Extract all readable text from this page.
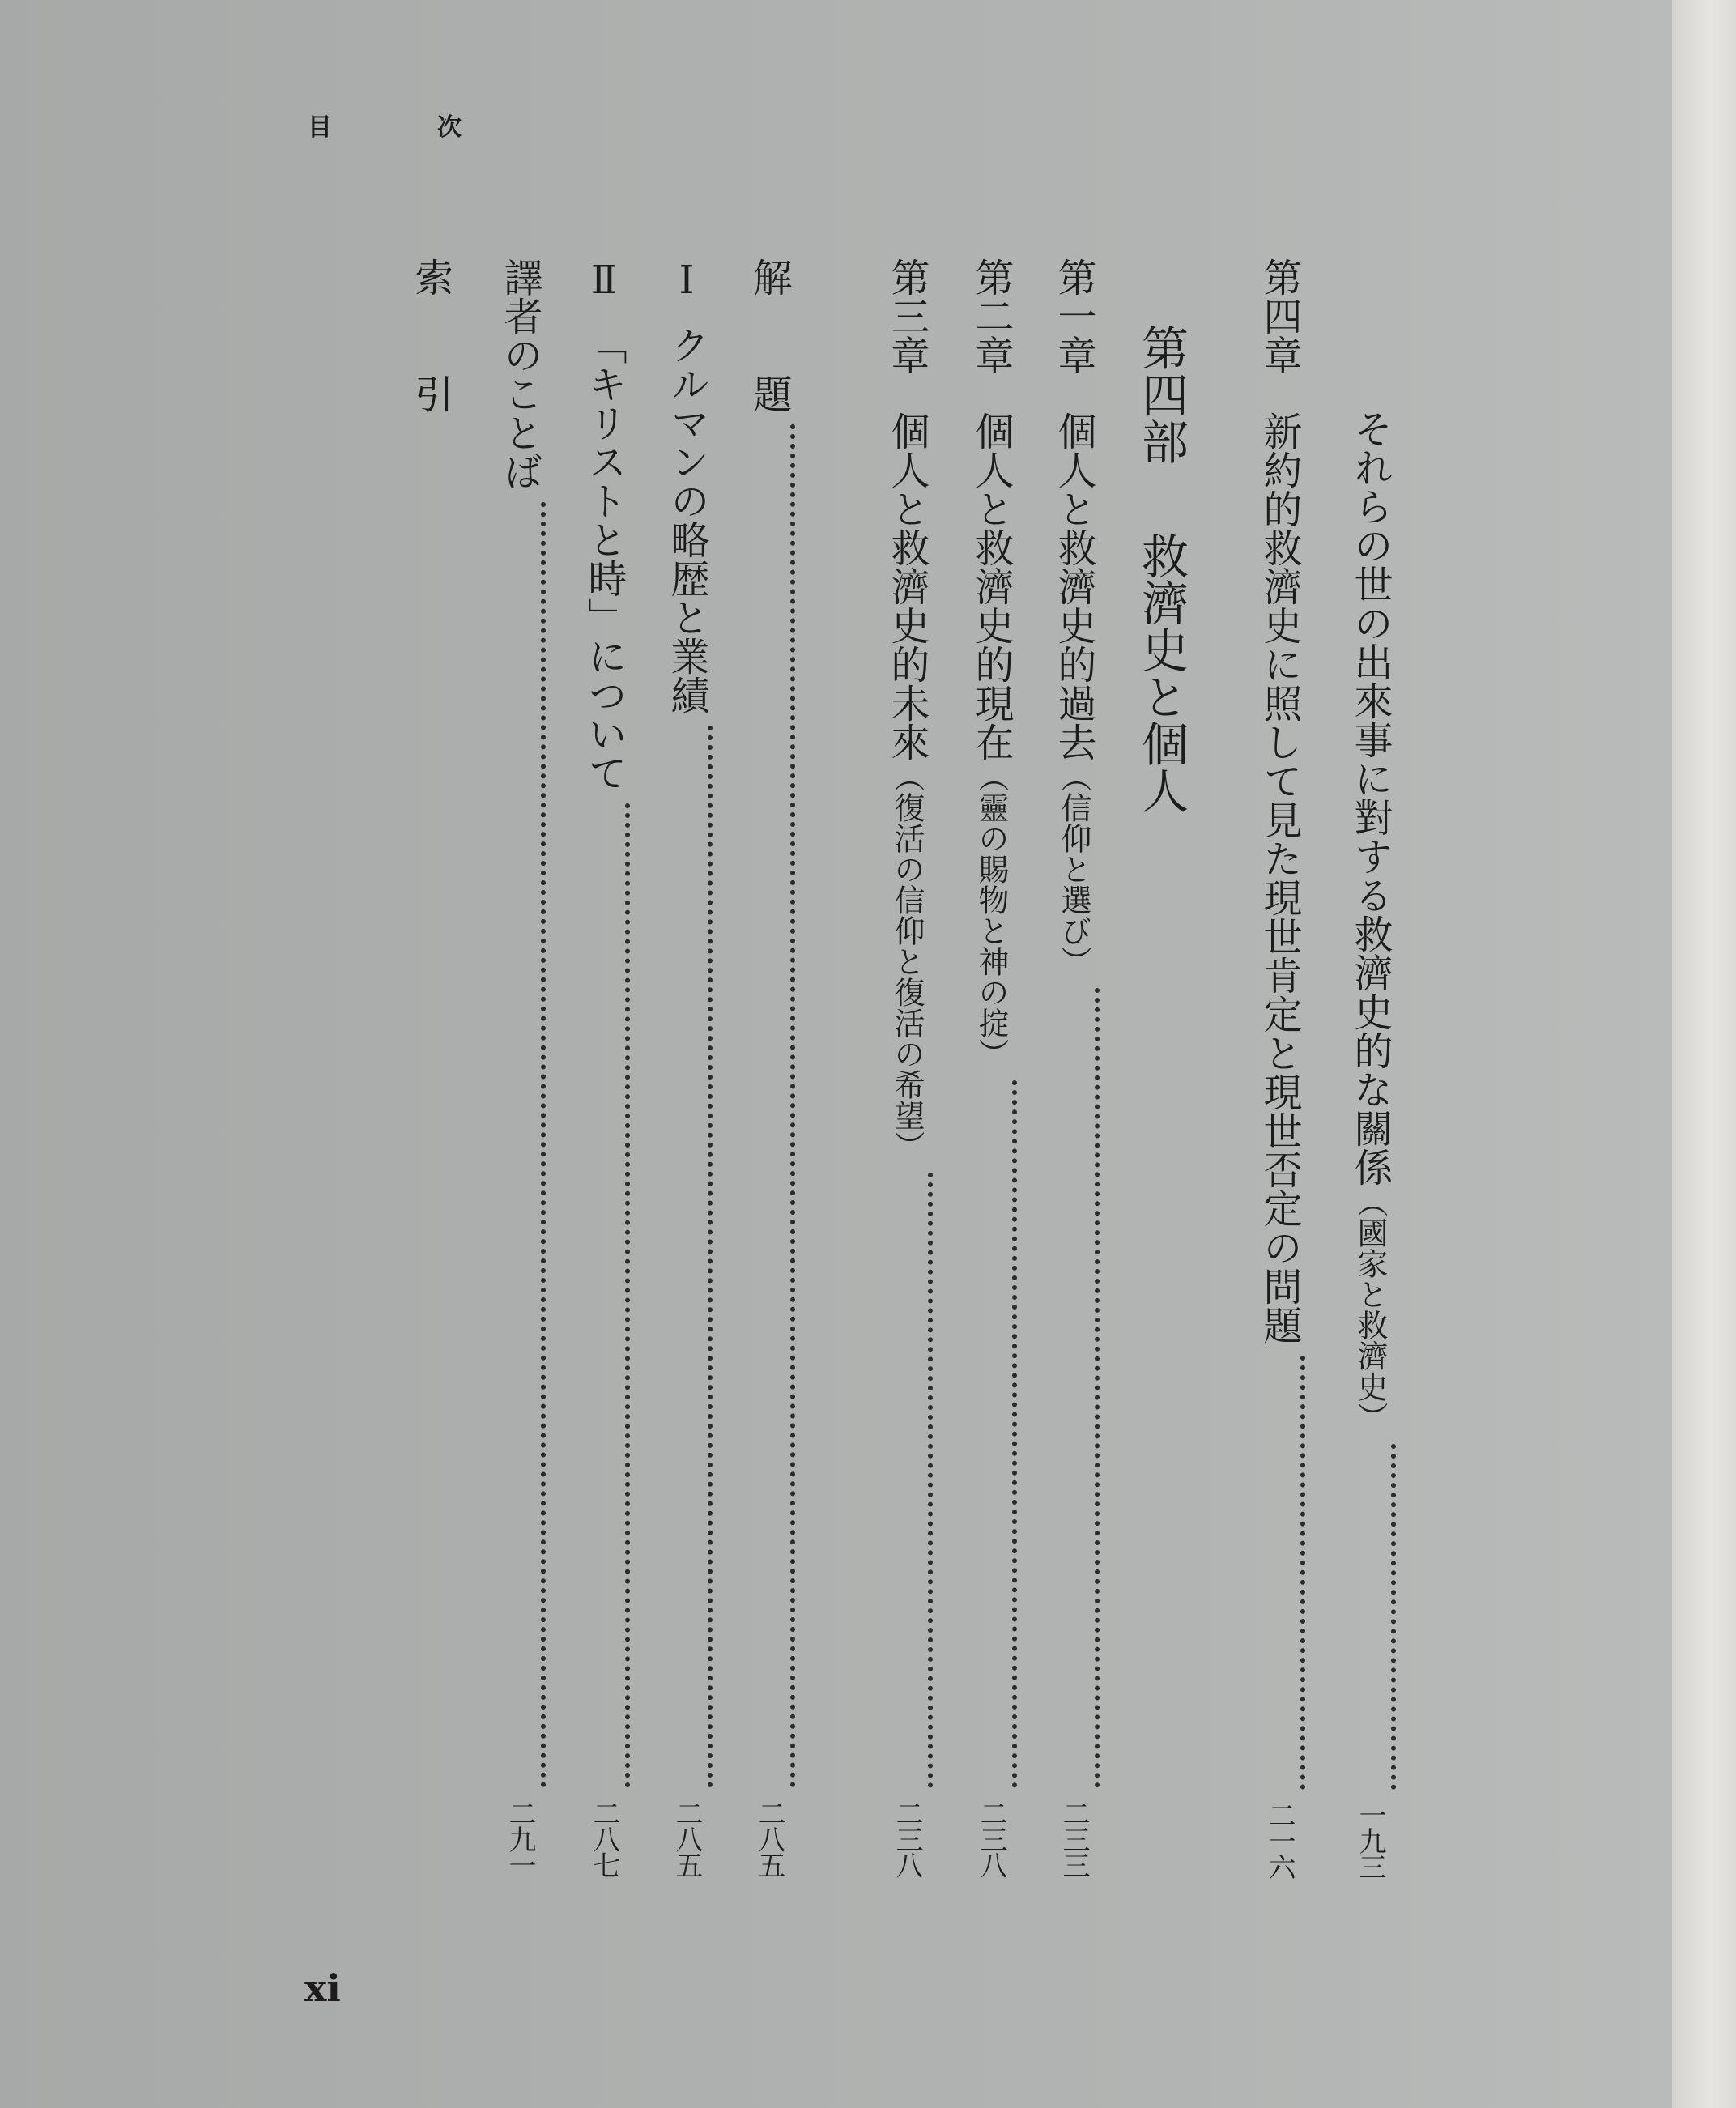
目	次
それらの世の出來事に對する救濟史的な關係
（國家と救濟史）
一九三
第四章
新約的救濟史に照して見た現世肯定と現世否定の問題
二一六
第四部  救濟史と個人
第一章
個人と救濟史的過去
（信仰と選び）
二三三
第二章
個人と救濟史的現在
（靈の賜物と神の掟）
二三八
第三章
個人と救濟史的未來
（復活の信仰と復活の希望）
二三八
解　　題
二八五
Ⅰ
クルマンの略歴と業績
二八五
Ⅱ
「キリストと時」について
二八七
譯者のことば
二九一
索　　引
xi
